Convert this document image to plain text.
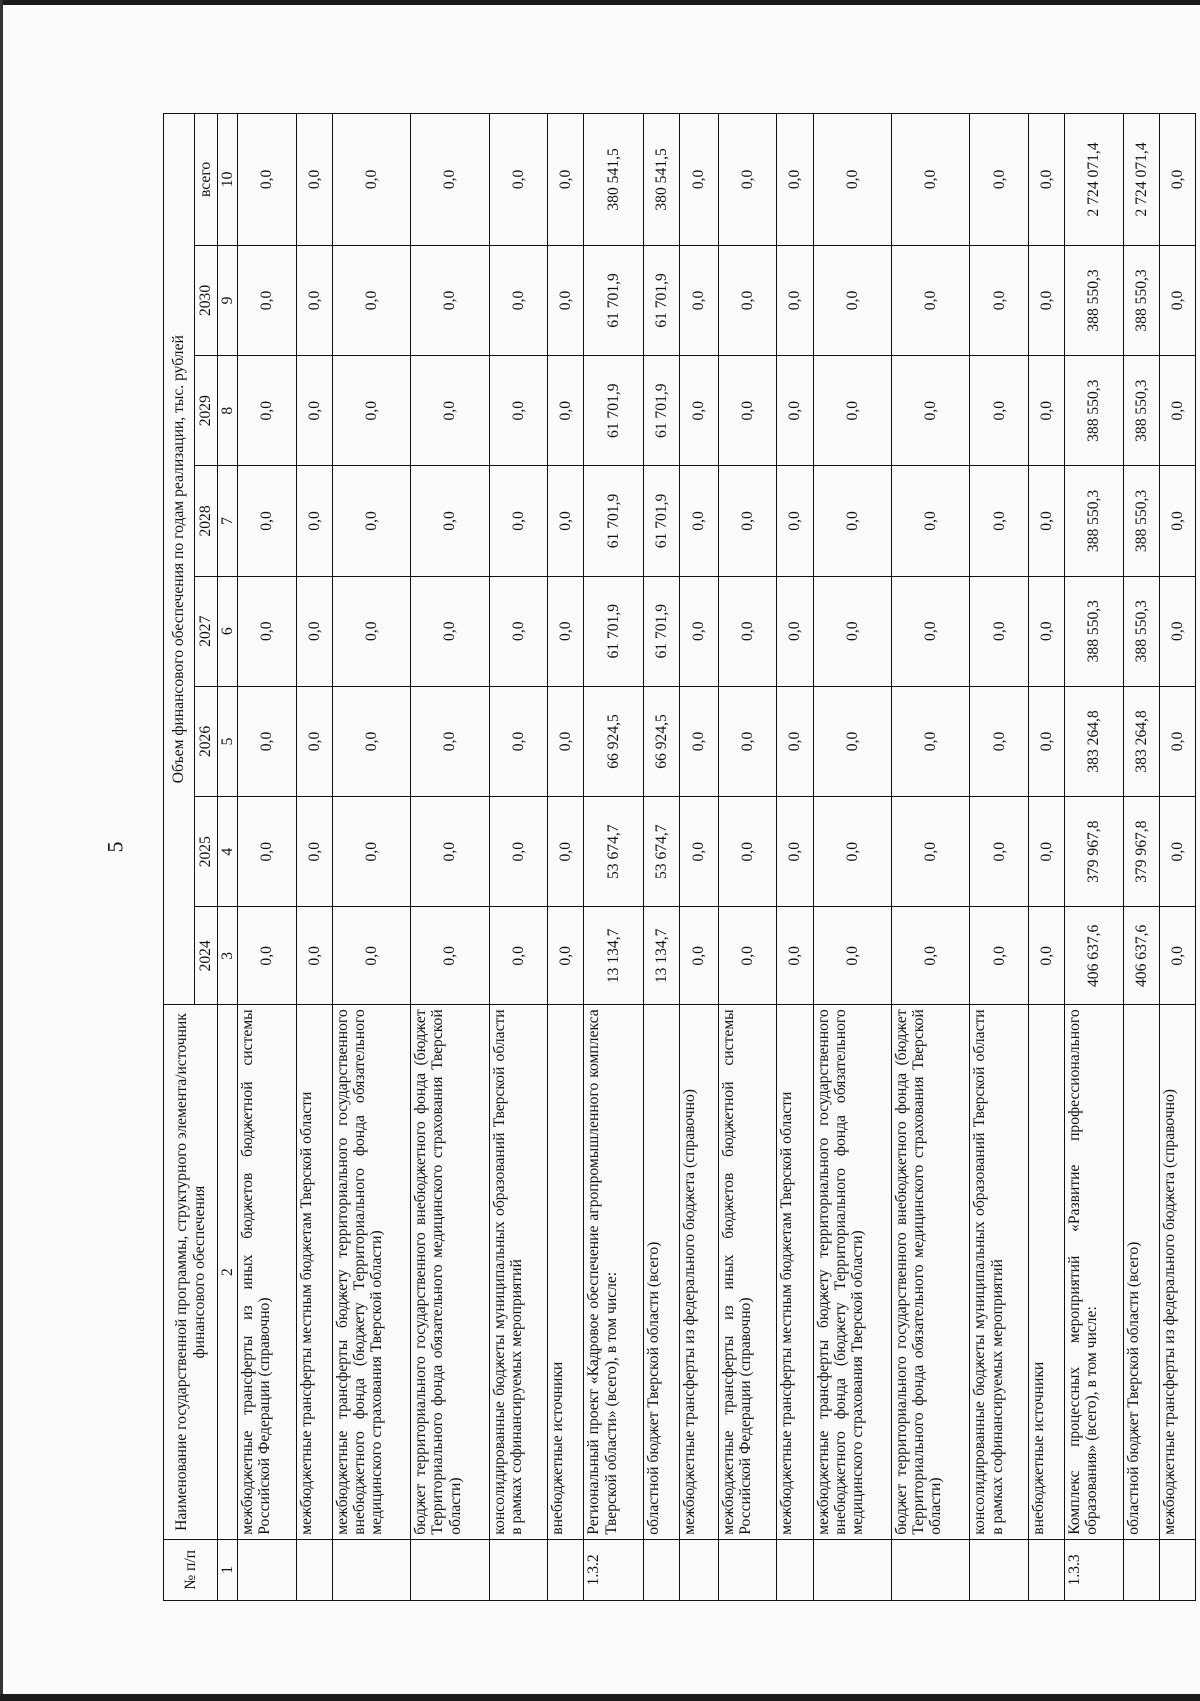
5
№ п/п	Наименование государственной программы, структурного элемента/источник финансового обеспечения	Объем финансового обеспечения по годам реализации, тыс. рублей							
		2024	2025	2026	2027	2028	2029	2030	всего
1	2	3	4	5	6	7	8	9	10
	межбюджетные трансферты из иных бюджетов бюджетной системы Российской Федерации (справочно)	0,0	0,0	0,0	0,0	0,0	0,0	0,0	0,0
	межбюджетные трансферты местным бюджетам Тверской области	0,0	0,0	0,0	0,0	0,0	0,0	0,0	0,0
	межбюджетные трансферты бюджету территориального государственного внебюджетного фонда (бюджету Территориального фонда обязательного медицинского страхования Тверской области)	0,0	0,0	0,0	0,0	0,0	0,0	0,0	0,0
	бюджет территориального государственного внебюджетного фонда (бюджет Территориального фонда обязательного медицинского страхования Тверской области)	0,0	0,0	0,0	0,0	0,0	0,0	0,0	0,0
	консолидированные бюджеты муниципальных образований Тверской области в рамках софинансируемых мероприятий	0,0	0,0	0,0	0,0	0,0	0,0	0,0	0,0
	внебюджетные источники	0,0	0,0	0,0	0,0	0,0	0,0	0,0	0,0
1.3.2	Региональный проект «Кадровое обеспечение агропромышленного комплекса Тверской области» (всего), в том числе:	13 134,7	53 674,7	66 924,5	61 701,9	61 701,9	61 701,9	61 701,9	380 541,5
	областной бюджет Тверской области (всего)	13 134,7	53 674,7	66 924,5	61 701,9	61 701,9	61 701,9	61 701,9	380 541,5
	межбюджетные трансферты из федерального бюджета (справочно)	0,0	0,0	0,0	0,0	0,0	0,0	0,0	0,0
	межбюджетные трансферты из иных бюджетов бюджетной системы Российской Федерации (справочно)	0,0	0,0	0,0	0,0	0,0	0,0	0,0	0,0
	межбюджетные трансферты местным бюджетам Тверской области	0,0	0,0	0,0	0,0	0,0	0,0	0,0	0,0
	межбюджетные трансферты бюджету территориального государственного внебюджетного фонда (бюджету Территориального фонда обязательного медицинского страхования Тверской области)	0,0	0,0	0,0	0,0	0,0	0,0	0,0	0,0
	бюджет территориального государственного внебюджетного фонда (бюджет Территориального фонда обязательного медицинского страхования Тверской области)	0,0	0,0	0,0	0,0	0,0	0,0	0,0	0,0
	консолидированные бюджеты муниципальных образований Тверской области в рамках софинансируемых мероприятий	0,0	0,0	0,0	0,0	0,0	0,0	0,0	0,0
	внебюджетные источники	0,0	0,0	0,0	0,0	0,0	0,0	0,0	0,0
1.3.3	Комплекс процессных мероприятий «Развитие профессионального образования» (всего), в том числе:	406 637,6	379 967,8	383 264,8	388 550,3	388 550,3	388 550,3	388 550,3	2 724 071,4
	областной бюджет Тверской области (всего)	406 637,6	379 967,8	383 264,8	388 550,3	388 550,3	388 550,3	388 550,3	2 724 071,4
	межбюджетные трансферты из федерального бюджета (справочно)	0,0	0,0	0,0	0,0	0,0	0,0	0,0	0,0
